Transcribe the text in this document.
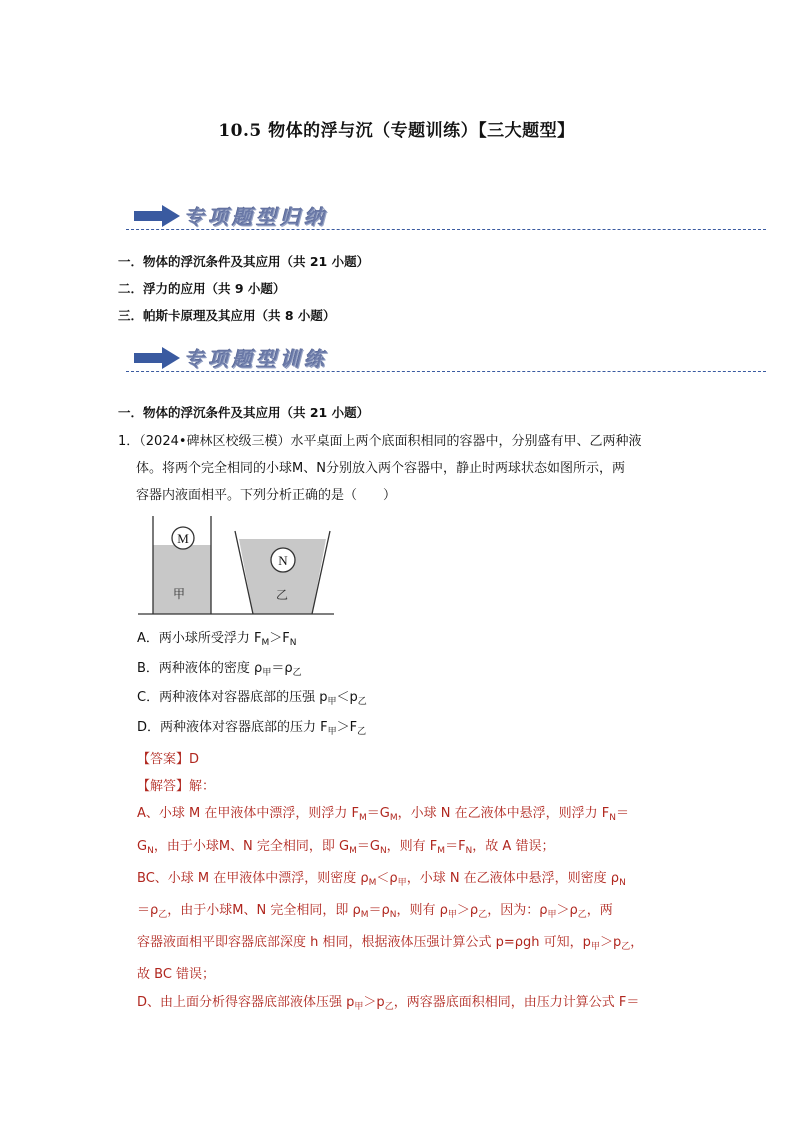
10.5 物体的浮与沉（专题训练）【三大题型】
专项题型归纳
一．物体的浮沉条件及其应用（共 21 小题）
二．浮力的应用（共 9 小题）
三．帕斯卡原理及其应用（共 8 小题）
专项题型训练
一．物体的浮沉条件及其应用（共 21 小题）
1．（2024•碑林区校级三模）水平桌面上两个底面积相同的容器中，分别盛有甲、乙两种液
体。将两个完全相同的小球M、N分别放入两个容器中，静止时两球状态如图所示，两
容器内液面相平。下列分析正确的是（　　）
M
甲
N
乙
A．两小球所受浮力 $F_M>F_N$
B．两种液体的密度 $\rho_甲=\rho_乙$
C．两种液体对容器底部的压强 $p_甲<p_乙$
D．两种液体对容器底部的压力 $F_甲>F_乙$
【答案】D
【解答】解：
A、小球 M 在甲液体中漂浮，则浮力 $F_M=G_M$，小球 N 在乙液体中悬浮，则浮力 $F_N=$
$G_N$，由于小球M、N 完全相同，即 $G_M=G_N$，则有 $F_M=F_N$，故 A 错误；
BC、小球 M 在甲液体中漂浮，则密度 $\rho_M<\rho_甲$，小球 N 在乙液体中悬浮，则密度 $\rho_N$
$=\rho_乙$，由于小球M、N 完全相同，即 $\rho_M=\rho_N$，则有 $\rho_甲>\rho_乙$，因为：$\rho_甲>\rho_乙$，两
容器液面相平即容器底部深度 h 相同，根据液体压强计算公式 p=ρgh 可知，$p_甲>p_乙$，
故 BC 错误；
D、由上面分析得容器底部液体压强 $p_甲>p_乙$，两容器底面积相同，由压力计算公式 F＝
